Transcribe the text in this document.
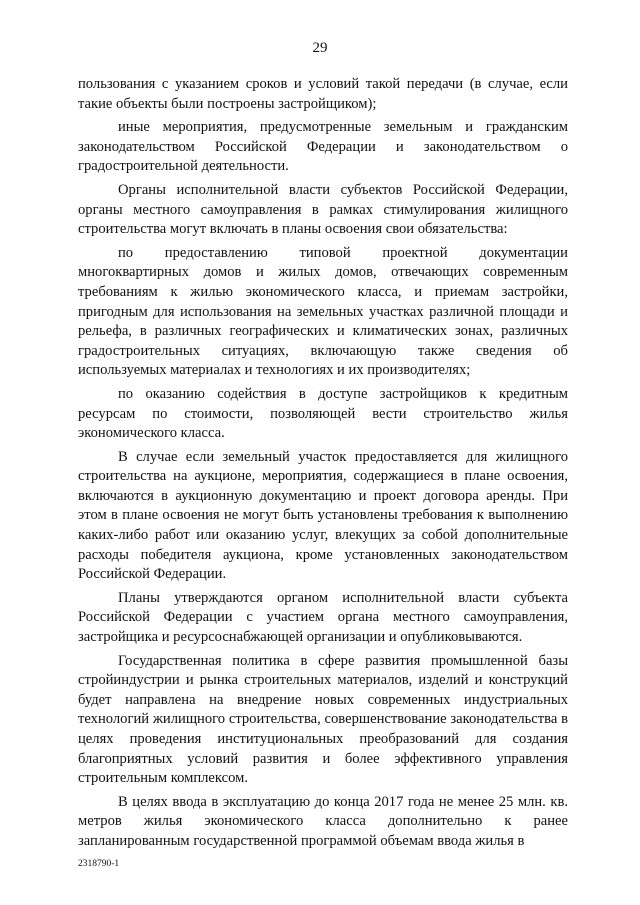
29

пользования с указанием сроков и условий такой передачи (в случае, если такие объекты были построены застройщиком);

иные мероприятия, предусмотренные земельным и гражданским законодательством Российской Федерации и законодательством о градостроительной деятельности.

Органы исполнительной власти субъектов Российской Федерации, органы местного самоуправления в рамках стимулирования жилищного строительства могут включать в планы освоения свои обязательства:

по предоставлению типовой проектной документации многоквартирных домов и жилых домов, отвечающих современным требованиям к жилью экономического класса, и приемам застройки, пригодным для использования на земельных участках различной площади и рельефа, в различных географических и климатических зонах, различных градостроительных ситуациях, включающую также сведения об используемых материалах и технологиях и их производителях;

по оказанию содействия в доступе застройщиков к кредитным ресурсам по стоимости, позволяющей вести строительство жилья экономического класса.

В случае если земельный участок предоставляется для жилищного строительства на аукционе, мероприятия, содержащиеся в плане освоения, включаются в аукционную документацию и проект договора аренды. При этом в плане освоения не могут быть установлены требования к выполнению каких-либо работ или оказанию услуг, влекущих за собой дополнительные расходы победителя аукциона, кроме установленных законодательством Российской Федерации.

Планы утверждаются органом исполнительной власти субъекта Российской Федерации с участием органа местного самоуправления, застройщика и ресурсоснабжающей организации и опубликовываются.

Государственная политика в сфере развития промышленной базы стройиндустрии и рынка строительных материалов, изделий и конструкций будет направлена на внедрение новых современных индустриальных технологий жилищного строительства, совершенствование законодательства в целях проведения институциональных преобразований для создания благоприятных условий развития и более эффективного управления строительным комплексом.

В целях ввода в эксплуатацию до конца 2017 года не менее 25 млн. кв. метров жилья экономического класса дополнительно к ранее запланированным государственной программой объемам ввода жилья в

2318790-1
